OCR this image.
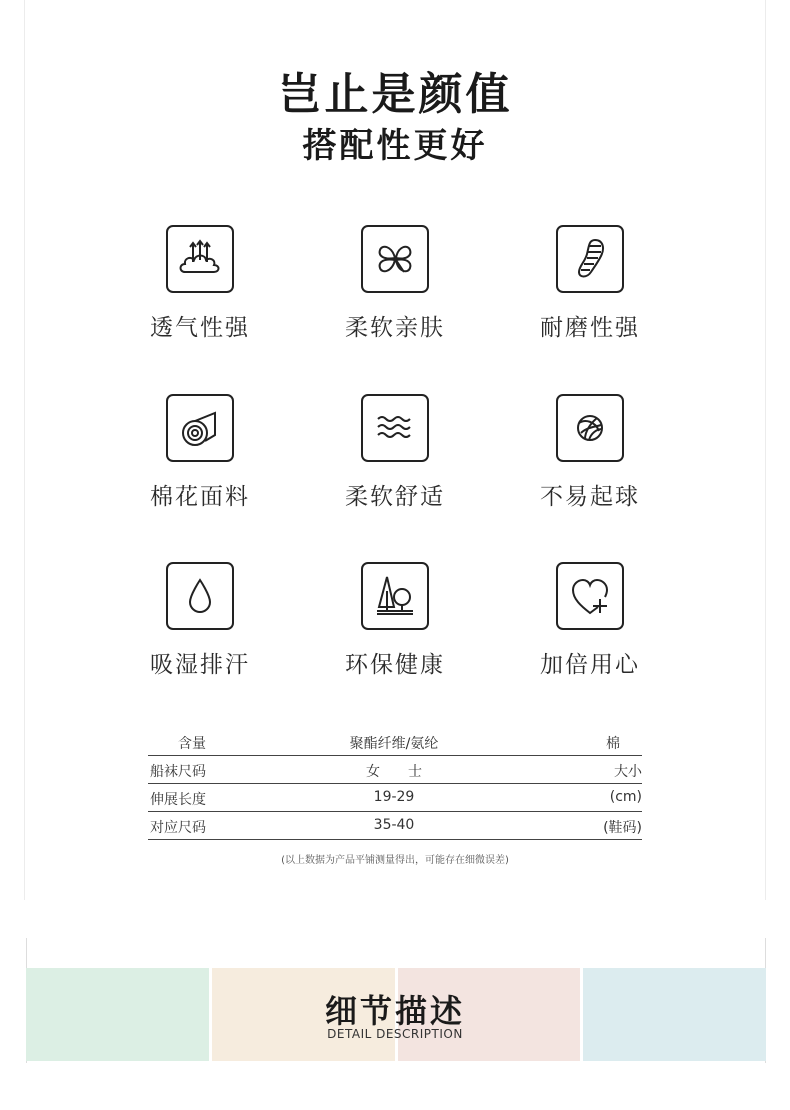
岂止是颜值
搭配性更好
透气性强	柔软亲肤	耐磨性强
棉花面料	柔软舒适	不易起球
吸湿排汗	环保健康	加倍用心
含量	聚酯纤维/氨纶	棉
船袜尺码	女　　士	大小
伸展长度	19-29	(cm)
对应尺码	35-40	(鞋码)
(以上数据为产品平铺测量得出，可能存在细微误差)
细节描述
DETAIL DESCRIPTION
